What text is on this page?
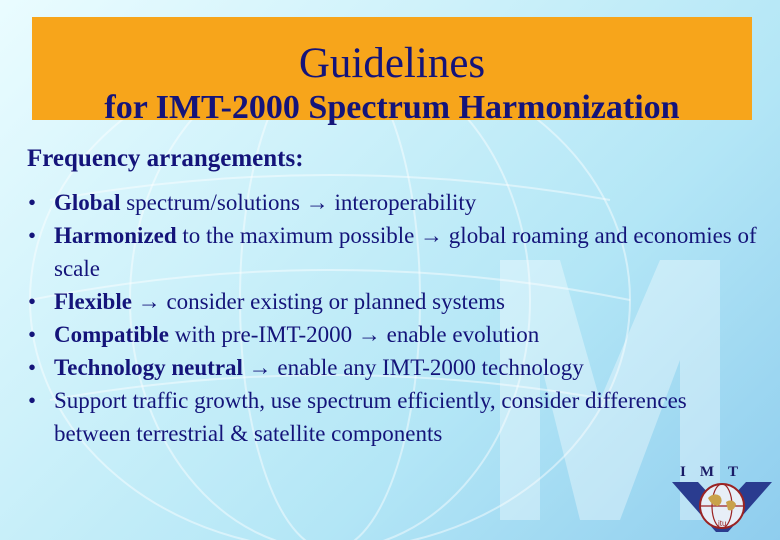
Guidelines
for IMT-2000 Spectrum Harmonization
Frequency arrangements:
• Global spectrum/solutions → interoperability
• Harmonized to the maximum possible → global roaming and economies of scale
• Flexible → consider existing or planned systems
• Compatible with pre-IMT-2000 → enable evolution
• Technology neutral → enable any IMT-2000 technology
• Support traffic growth, use spectrum efficiently, consider differences between terrestrial & satellite components
IMT
itu
